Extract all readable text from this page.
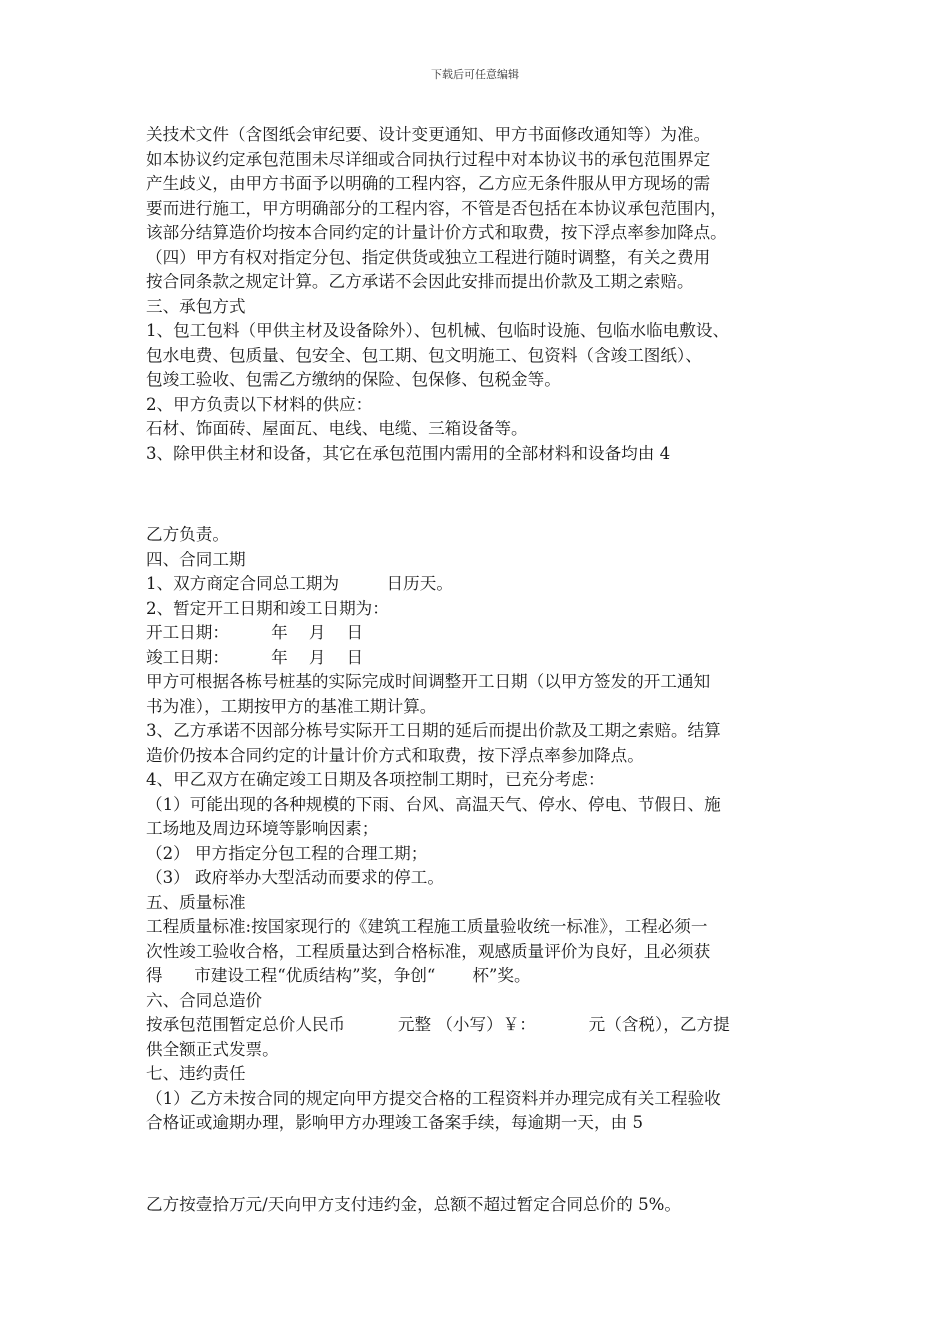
下载后可任意编辑
关技术文件（含图纸会审纪要、设计变更通知、甲方书面修改通知等）为准。
如本协议约定承包范围未尽详细或合同执行过程中对本协议书的承包范围界定
产生歧义，由甲方书面予以明确的工程内容，乙方应无条件服从甲方现场的需
要而进行施工，甲方明确部分的工程内容，不管是否包括在本协议承包范围内，
该部分结算造价均按本合同约定的计量计价方式和取费，按下浮点率参加降点。
（四）甲方有权对指定分包、指定供货或独立工程进行随时调整，有关之费用
按合同条款之规定计算。乙方承诺不会因此安排而提出价款及工期之索赔。
三、承包方式
1、包工包料（甲供主材及设备除外）、包机械、包临时设施、包临水临电敷设、
包水电费、包质量、包安全、包工期、包文明施工、包资料（含竣工图纸）、
包竣工验收、包需乙方缴纳的保险、包保修、包税金等。
2、甲方负责以下材料的供应：
石材、饰面砖、屋面瓦、电线、电缆、三箱设备等。
3、除甲供主材和设备，其它在承包范围内需用的全部材料和设备均由 4
乙方负责。
四、合同工期
1、双方商定合同总工期为         日历天。
2、暂定开工日期和竣工日期为：
开工日期：        年    月    日
竣工日期：        年    月    日
甲方可根据各栋号桩基的实际完成时间调整开工日期（以甲方签发的开工通知
书为准），工期按甲方的基准工期计算。
3、乙方承诺不因部分栋号实际开工日期的延后而提出价款及工期之索赔。结算
造价仍按本合同约定的计量计价方式和取费，按下浮点率参加降点。
4、甲乙双方在确定竣工日期及各项控制工期时，已充分考虑：
（1）可能出现的各种规模的下雨、台风、高温天气、停水、停电、节假日、施
工场地及周边环境等影响因素；
（2） 甲方指定分包工程的合理工期；
（3） 政府举办大型活动而要求的停工。
五、质量标准
工程质量标准:按国家现行的《建筑工程施工质量验收统一标准》，工程必须一
次性竣工验收合格，工程质量达到合格标准，观感质量评价为良好，且必须获
得      市建设工程“优质结构”奖，争创“       杯”奖。
六、合同总造价
按承包范围暂定总价人民币          元整 （小写）￥：          元（含税），乙方提
供全额正式发票。
七、违约责任
（1）乙方未按合同的规定向甲方提交合格的工程资料并办理完成有关工程验收
合格证或逾期办理，影响甲方办理竣工备案手续，每逾期一天，由 5
乙方按壹拾万元/天向甲方支付违约金，总额不超过暂定合同总价的 5%。
